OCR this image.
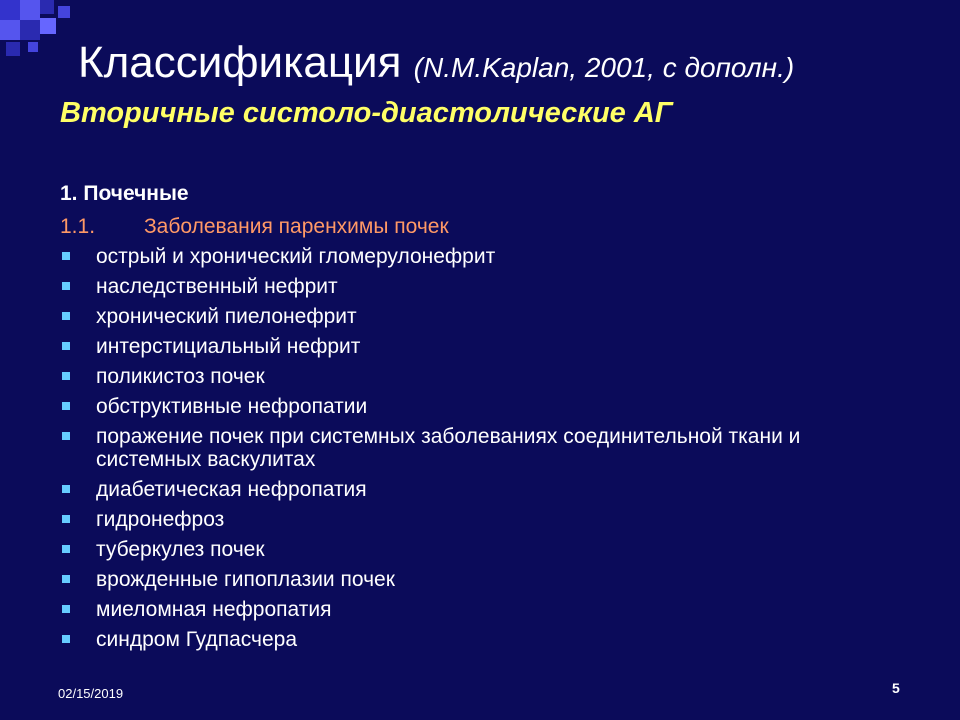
Классификация (N.M.Kaplan, 2001, с дополн.)
Вторичные систоло-диастолические АГ
1. Почечные
1.1. Заболевания паренхимы почек
острый и хронический гломерулонефрит
наследственный нефрит
хронический пиелонефрит
интерстициальный нефрит
поликистоз почек
обструктивные нефропатии
поражение почек при системных заболеваниях соединительной ткани и системных васкулитах
диабетическая нефропатия
гидронефроз
туберкулез почек
врожденные гипоплазии почек
миеломная нефропатия
синдром Гудпасчера
02/15/2019	5
